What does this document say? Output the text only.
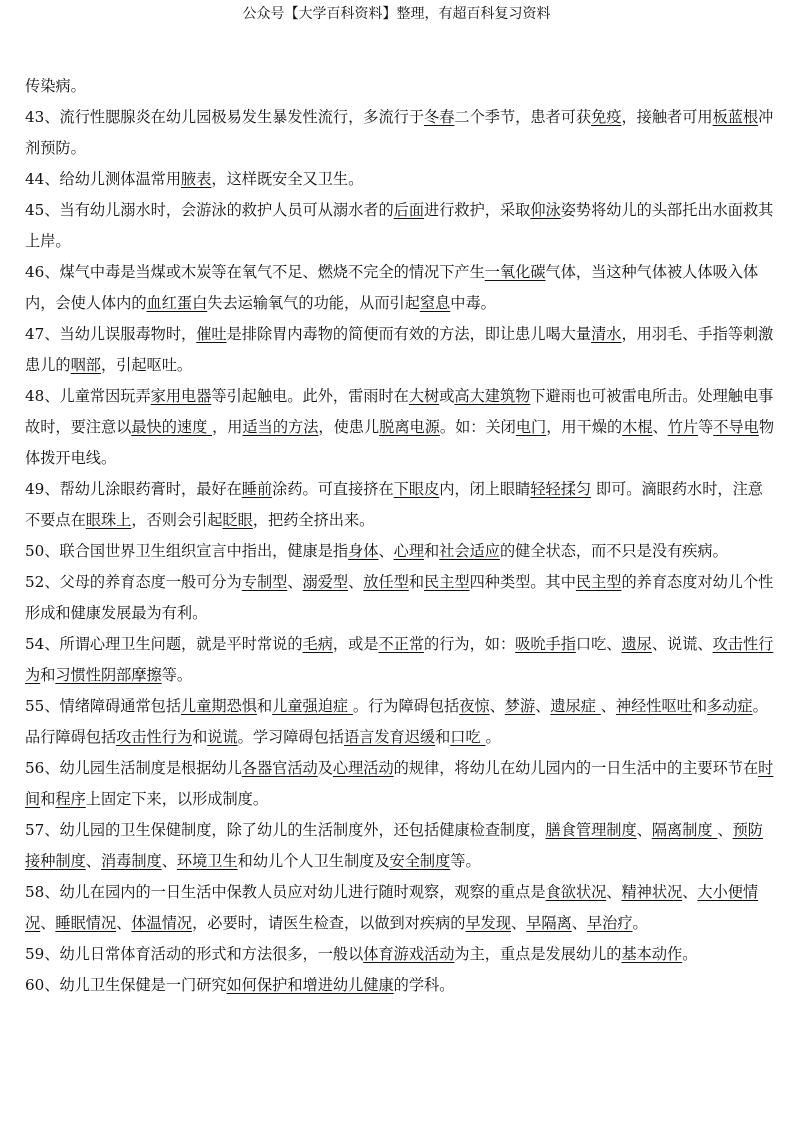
公众号【大学百科资料】整理，有超百科复习资料

传染病。

43、流行性腮腺炎在幼儿园极易发生暴发性流行，多流行于冬春二个季节，患者可获免疫，接触者可用板蓝根冲剂预防。

44、给幼儿测体温常用腋表，这样既安全又卫生。

45、当有幼儿溺水时，会游泳的救护人员可从溺水者的后面进行救护，采取仰泳姿势将幼儿的头部托出水面救其上岸。

46、煤气中毒是当煤或木炭等在氧气不足、燃烧不完全的情况下产生一氧化碳气体，当这种气体被人体吸入体内，会使人体内的血红蛋白失去运输氧气的功能，从而引起窒息中毒。

47、当幼儿误服毒物时，催吐是排除胃内毒物的简便而有效的方法，即让患儿喝大量清水，用羽毛、手指等刺激患儿的咽部，引起呕吐。

48、儿童常因玩弄家用电器等引起触电。此外，雷雨时在大树或高大建筑物下避雨也可被雷电所击。处理触电事故时，要注意以最快的速度 ，用适当的方法，使患儿脱离电源。如：关闭电门，用干燥的木棍、竹片等不导电物体拨开电线。

49、帮幼儿涂眼药膏时，最好在睡前涂药。可直接挤在下眼皮内，闭上眼睛轻轻揉匀 即可。滴眼药水时，注意不要点在眼珠上，否则会引起眨眼，把药全挤出来。

50、联合国世界卫生组织宣言中指出，健康是指身体、心理和社会适应的健全状态，而不只是没有疾病。

52、父母的养育态度一般可分为专制型、溺爱型、放任型和民主型四种类型。其中民主型的养育态度对幼儿个性形成和健康发展最为有利。

54、所谓心理卫生问题，就是平时常说的毛病，或是不正常的行为，如：吸吮手指口吃、遗尿、说谎、攻击性行为和习惯性阴部摩擦等。

55、情绪障碍通常包括儿童期恐惧和儿童强迫症 。行为障碍包括夜惊、梦游、遗尿症 、神经性呕吐和多动症。品行障碍包括攻击性行为和说谎。学习障碍包括语言发育迟缓和口吃 。

56、幼儿园生活制度是根据幼儿各器官活动及心理活动的规律，将幼儿在幼儿园内的一日生活中的主要环节在时间和程序上固定下来，以形成制度。

57、幼儿园的卫生保健制度，除了幼儿的生活制度外，还包括健康检查制度，膳食管理制度、隔离制度 、预防接种制度、消毒制度、环境卫生和幼儿个人卫生制度及安全制度等。

58、幼儿在园内的一日生活中保教人员应对幼儿进行随时观察，观察的重点是食欲状况、精神状况、大小便情况、睡眠情况、体温情况，必要时，请医生检查，以做到对疾病的早发现、早隔离、早治疗。

59、幼儿日常体育活动的形式和方法很多，一般以体育游戏活动为主，重点是发展幼儿的基本动作。

60、幼儿卫生保健是一门研究如何保护和增进幼儿健康的学科。
